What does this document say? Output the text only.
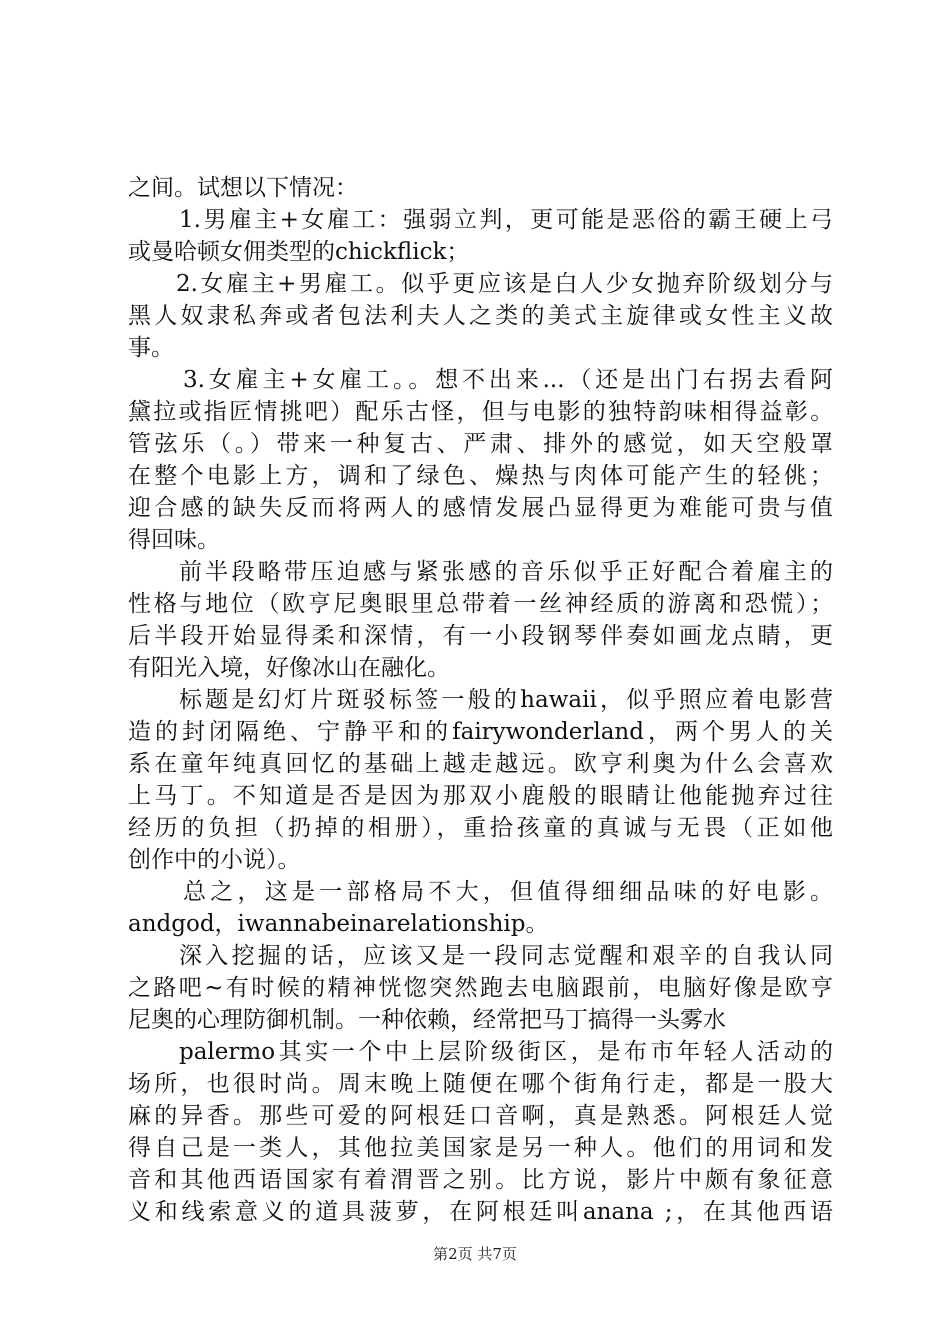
之间。试想以下情况：
1.男雇主+女雇工：强弱立判，更可能是恶俗的霸王硬上弓
或曼哈顿女佣类型的chickflick；
2.女雇主+男雇工。似乎更应该是白人少女抛弃阶级划分与
黑人奴隶私奔或者包法利夫人之类的美式主旋律或女性主义故
事。
3.女雇主+女雇工。。想不出来...（还是出门右拐去看阿
黛拉或指匠情挑吧）配乐古怪，但与电影的独特韵味相得益彰。
管弦乐（。）带来一种复古、严肃、排外的感觉，如天空般罩
在整个电影上方，调和了绿色、燥热与肉体可能产生的轻佻；
迎合感的缺失反而将两人的感情发展凸显得更为难能可贵与值
得回味。
前半段略带压迫感与紧张感的音乐似乎正好配合着雇主的
性格与地位（欧亨尼奥眼里总带着一丝神经质的游离和恐慌）；
后半段开始显得柔和深情，有一小段钢琴伴奏如画龙点睛，更
有阳光入境，好像冰山在融化。
标题是幻灯片斑驳标签一般的hawaii，似乎照应着电影营
造的封闭隔绝、宁静平和的fairywonderland，两个男人的关
系在童年纯真回忆的基础上越走越远。欧亨利奥为什么会喜欢
上马丁。不知道是否是因为那双小鹿般的眼睛让他能抛弃过往
经历的负担（扔掉的相册），重拾孩童的真诚与无畏（正如他
创作中的小说）。
总之，这是一部格局不大，但值得细细品味的好电影。
andgod，iwannabeinarelationship。
深入挖掘的话，应该又是一段同志觉醒和艰辛的自我认同
之路吧~有时候的精神恍惚突然跑去电脑跟前，电脑好像是欧亨
尼奥的心理防御机制。一种依赖，经常把马丁搞得一头雾水
palermo其实一个中上层阶级街区，是布市年轻人活动的
场所，也很时尚。周末晚上随便在哪个街角行走，都是一股大
麻的异香。那些可爱的阿根廷口音啊，真是熟悉。阿根廷人觉
得自己是一类人，其他拉美国家是另一种人。他们的用词和发
音和其他西语国家有着渭晋之别。比方说，影片中颇有象征意
义和线索意义的道具菠萝，在阿根廷叫anana ;，在其他西语
第2页 共7页
